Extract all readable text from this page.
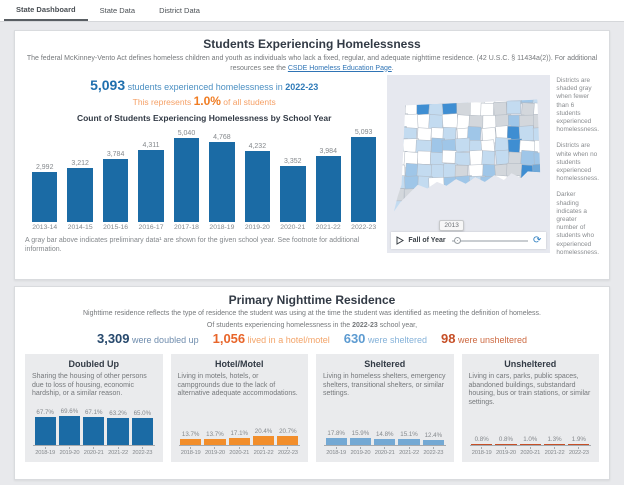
State Dashboard	State Data	District Data
Students Experiencing Homelessness
The federal McKinney-Vento Act defines homeless children and youth as individuals who lack a fixed, regular, and adequate nighttime residence. (42 U.S.C. § 11434a(2)). For additional resources see the CSDE Homeless Education Page.
5,093 students experienced homelessness in 2022-23
This represents 1.0% of all students
Count of Students Experiencing Homelessness by School Year
2,992
3,212
3,784
4,311
5,040
4,768
4,232
3,352
3,984
5,093
2013-14 2014-15 2015-16 2016-17 2017-18 2018-19 2019-20 2020-21 2021-22 2022-23
A gray bar above indicates preliminary data¹ are shown for the given school year. See footnote for additional information.
2013
Fall of Year	⟳

Districts are shaded gray when fewer than 6 students experienced homelessness.

Districts are white when no students experienced homelessness.

Darker shading indicates a greater number of students who experienced homelessness.

Primary Nighttime Residence
Nighttime residence reflects the type of residence the student was using at the time the student was identified as meeting the definition of homeless.
Of students experiencing homelessness in the 2022-23 school year,
3,309 were doubled up 1,056 lived in a hotel/motel 630 were sheltered 98 were unsheltered
Doubled Up
Sharing the housing of other persons due to loss of housing, economic hardship, or a similar reason.
67.7% 69.6% 67.1% 63.2% 65.0%
2018-19 2019-20 2020-21 2021-22 2022-23
Hotel/Motel
Living in motels, hotels, or campgrounds due to the lack of alternative adequate accommodations.
13.7% 13.7% 17.1% 20.4% 20.7%
2018-19 2019-20 2020-21 2021-22 2022-23
Sheltered
Living in homeless shelters, emergency shelters, transitional shelters, or similar settings.
17.8% 15.9% 14.8% 15.1% 12.4%
2018-19 2019-20 2020-21 2021-22 2022-23
Unsheltered
Living in cars, parks, public spaces, abandoned buildings, substandard housing, bus or train stations, or similar settings.
0.8% 0.8% 1.0% 1.3% 1.9%
2018-19 2019-20 2020-21 2021-22 2022-23
